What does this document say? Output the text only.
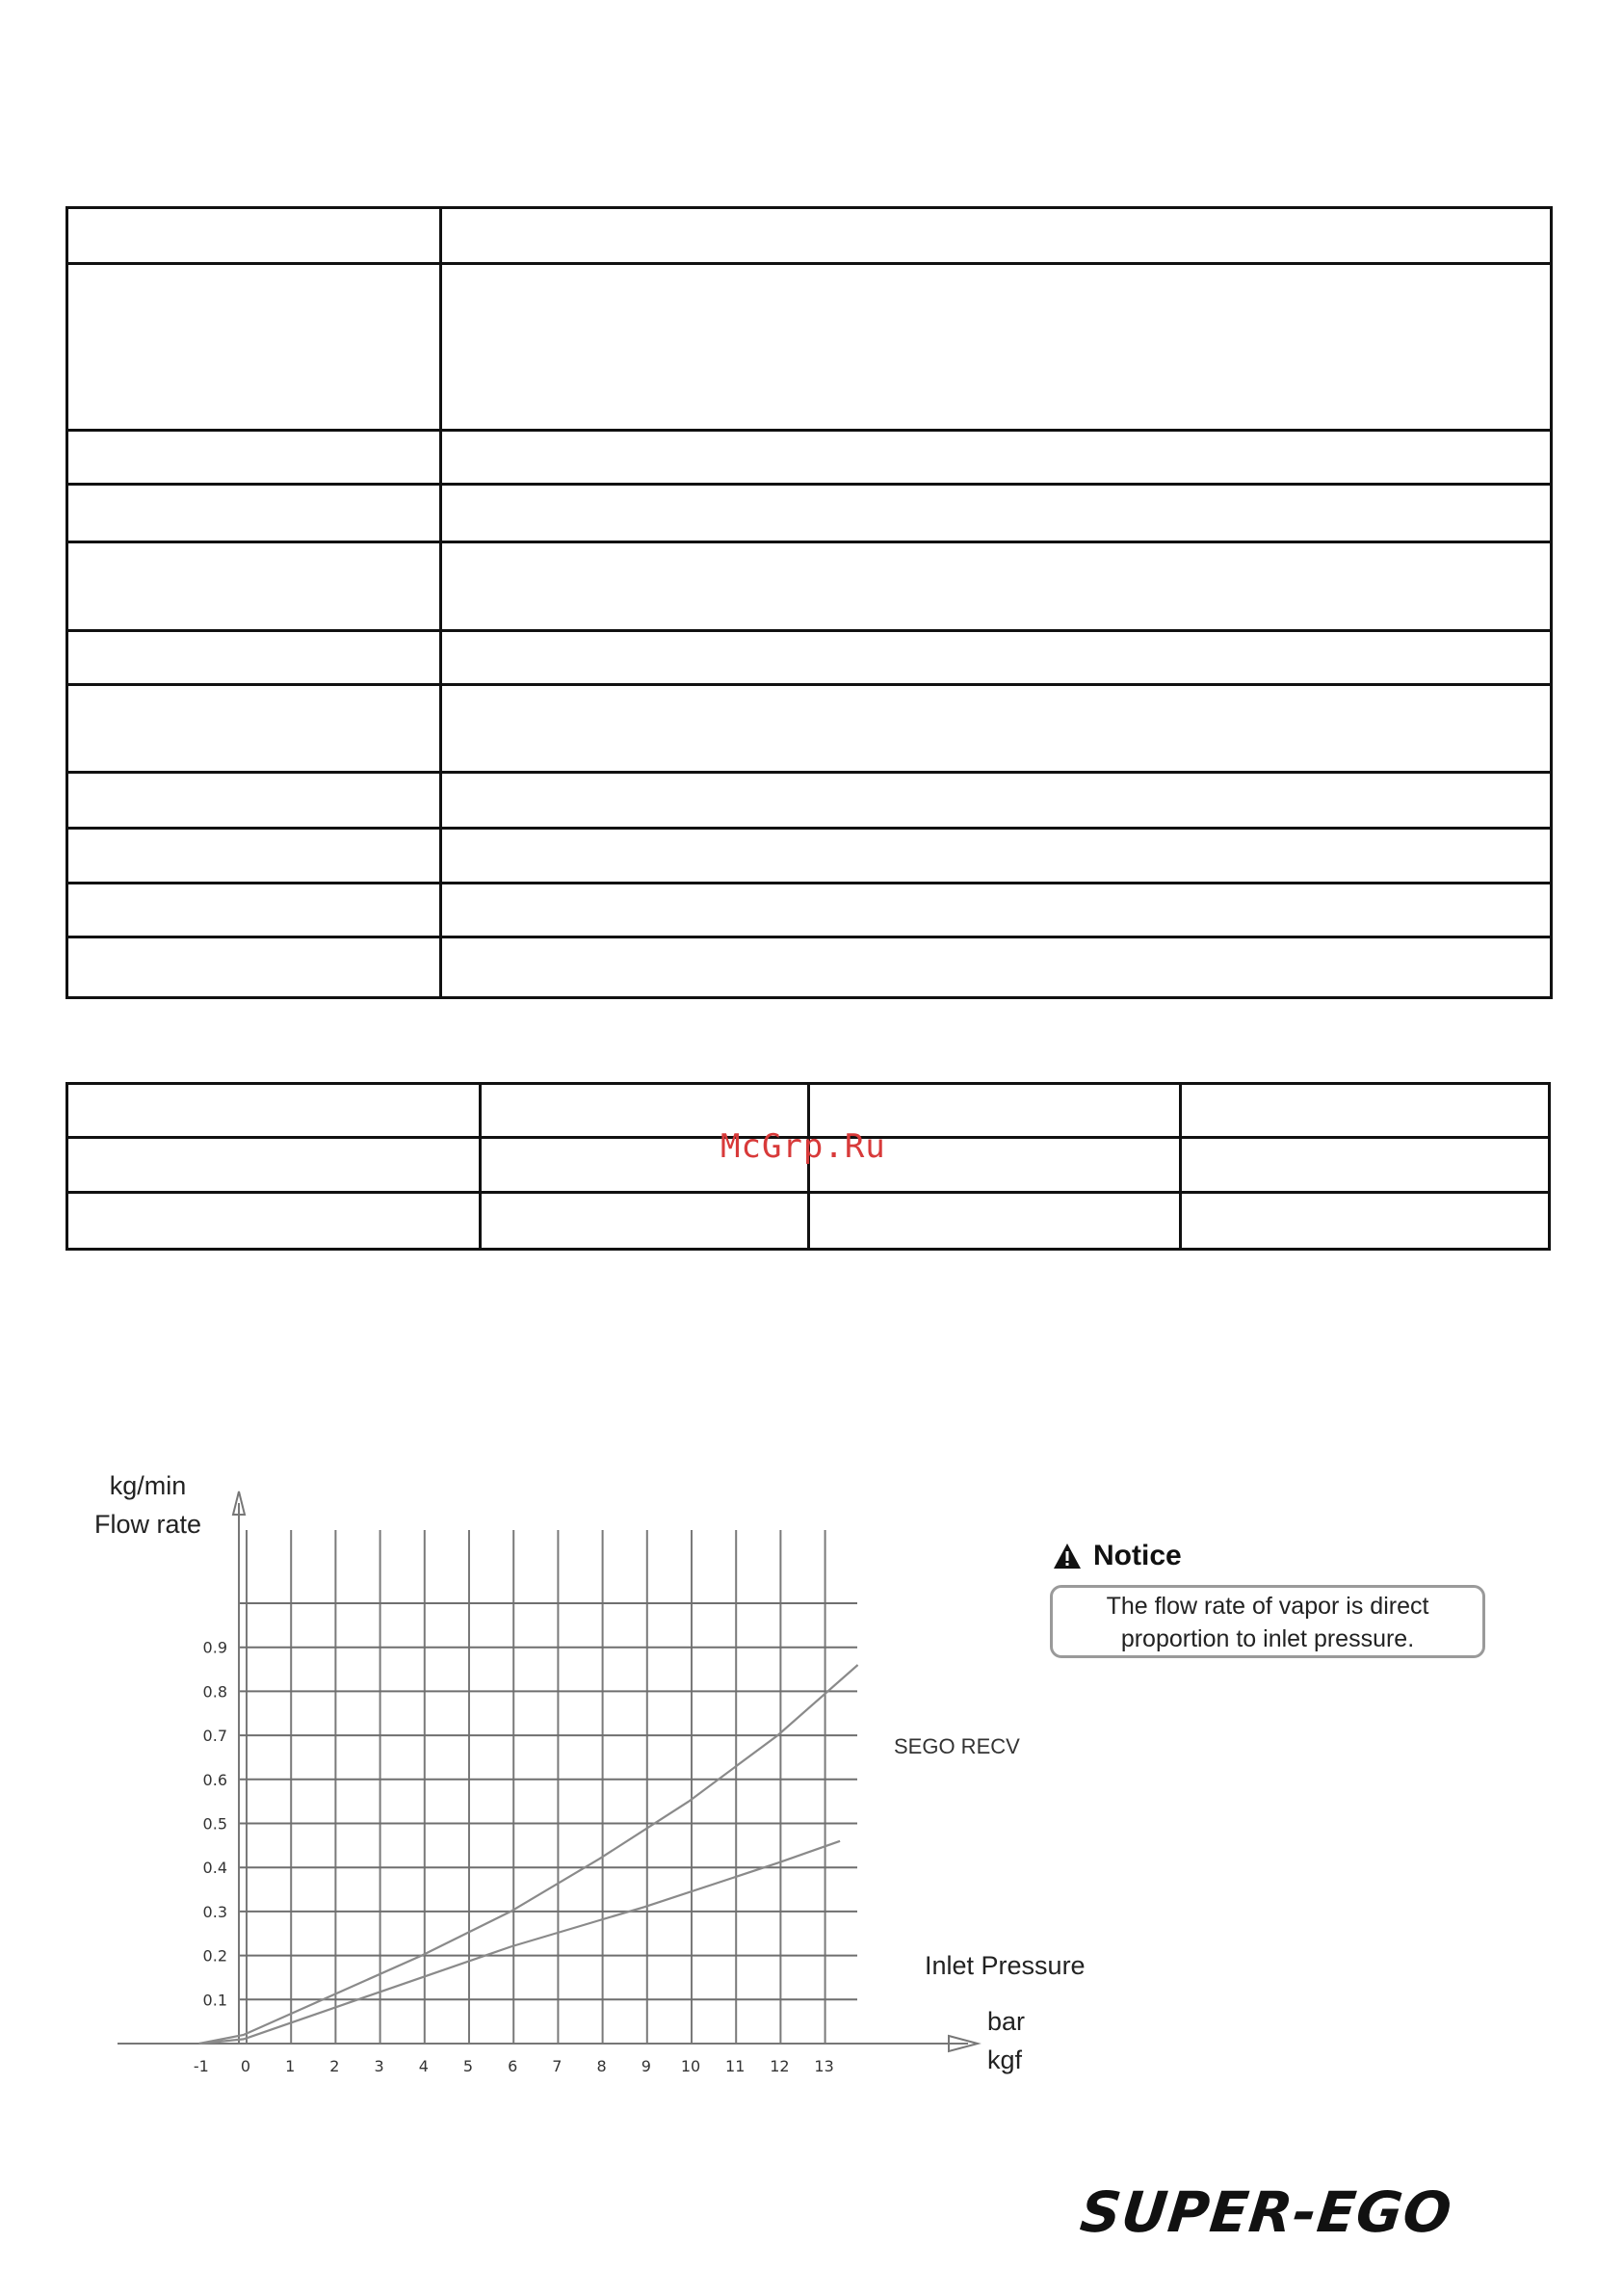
McGrp.Ru
-1 0 1 2 3 4 5 6 7 8 9 10 11 12 13
0.1
0.2
0.3
0.4
0.5
0.6
0.7
0.8
0.9
kg/min
Flow rate
bar
kgf
SEGO RECV
Inlet Pressure
Notice
The flow rate of vapor is direct
proportion to inlet pressure.
SUPER-EGO
